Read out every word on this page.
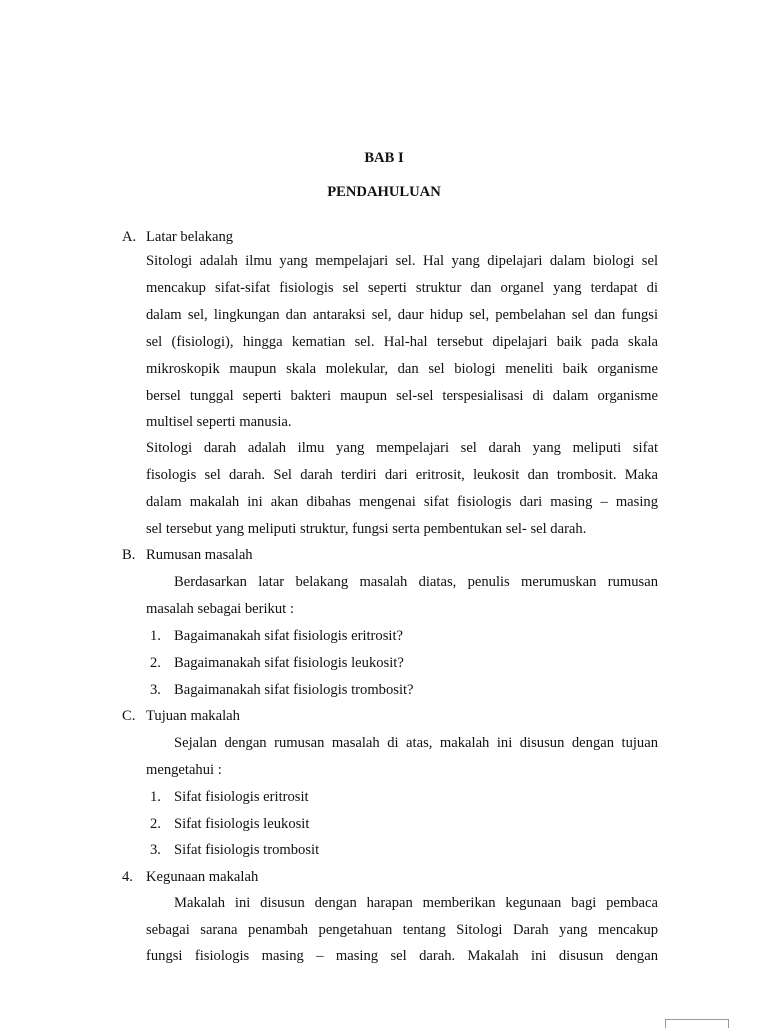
BAB I
PENDAHULUAN
A. Latar belakang
Sitologi adalah ilmu yang mempelajari sel. Hal yang dipelajari dalam biologi sel
mencakup sifat-sifat fisiologis sel seperti struktur dan organel yang terdapat di
dalam sel, lingkungan dan antaraksi sel, daur hidup sel, pembelahan sel dan fungsi
sel (fisiologi), hingga kematian sel. Hal-hal tersebut dipelajari baik pada skala
mikroskopik maupun skala molekular, dan sel biologi meneliti baik organisme
bersel tunggal seperti bakteri maupun sel-sel terspesialisasi di dalam organisme
multisel seperti manusia.
Sitologi darah adalah ilmu yang mempelajari sel darah yang meliputi sifat
fisologis sel darah. Sel darah terdiri dari eritrosit, leukosit dan trombosit. Maka
dalam makalah ini akan dibahas mengenai sifat fisiologis dari masing – masing
sel tersebut yang meliputi struktur, fungsi serta pembentukan sel- sel darah.
B. Rumusan masalah
Berdasarkan latar belakang masalah diatas, penulis merumuskan rumusan
masalah sebagai berikut :
1. Bagaimanakah sifat fisiologis eritrosit?
2. Bagaimanakah sifat fisiologis leukosit?
3. Bagaimanakah sifat fisiologis trombosit?
C. Tujuan makalah
Sejalan dengan rumusan masalah di atas, makalah ini disusun dengan tujuan
mengetahui :
1. Sifat fisiologis eritrosit
2. Sifat fisiologis leukosit
3. Sifat fisiologis trombosit
4. Kegunaan makalah
Makalah ini disusun dengan harapan memberikan kegunaan bagi pembaca
sebagai sarana penambah pengetahuan tentang Sitologi Darah yang mencakup
fungsi fisiologis masing – masing sel darah. Makalah ini disusun dengan
